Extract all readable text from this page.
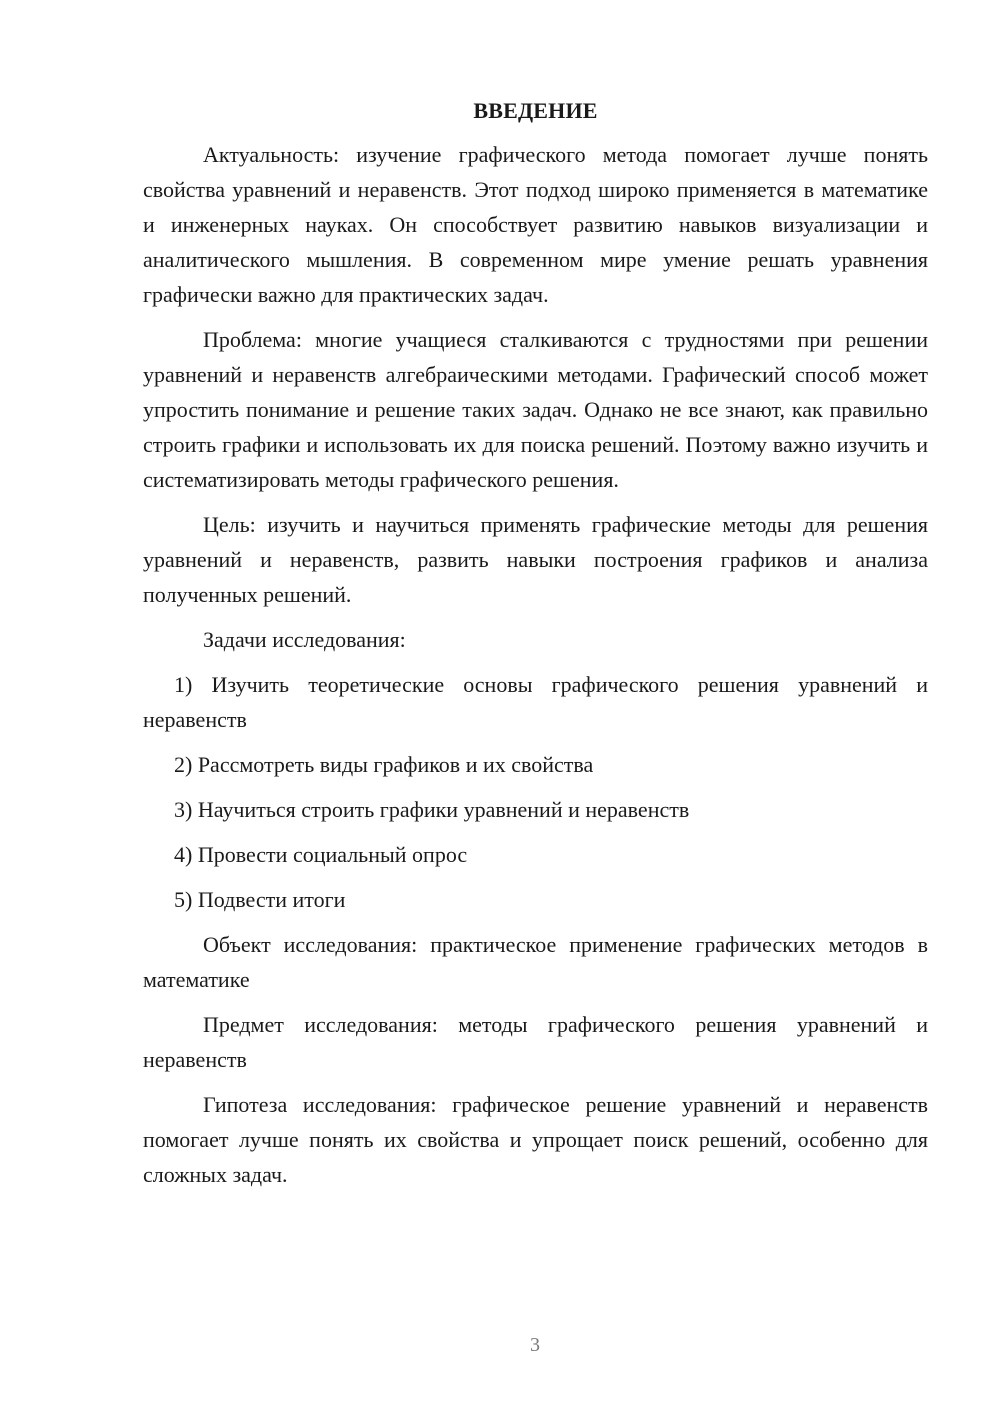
ВВЕДЕНИЕ

Актуальность: изучение графического метода помогает лучше понять свойства уравнений и неравенств. Этот подход широко применяется в математике и инженерных науках. Он способствует развитию навыков визуализации и аналитического мышления. В современном мире умение решать уравнения графически важно для практических задач.

Проблема: многие учащиеся сталкиваются с трудностями при решении уравнений и неравенств алгебраическими методами. Графический способ может упростить понимание и решение таких задач. Однако не все знают, как правильно строить графики и использовать их для поиска решений. Поэтому важно изучить и систематизировать методы графического решения.

Цель: изучить и научиться применять графические методы для решения уравнений и неравенств, развить навыки построения графиков и анализа полученных решений.

Задачи исследования:

1) Изучить теоретические основы графического решения уравнений и неравенств

2) Рассмотреть виды графиков и их свойства

3) Научиться строить графики уравнений и неравенств

4) Провести социальный опрос

5) Подвести итоги

Объект исследования: практическое применение графических методов в математике

Предмет исследования: методы графического решения уравнений и неравенств

Гипотеза исследования: графическое решение уравнений и неравенств помогает лучше понять их свойства и упрощает поиск решений, особенно для сложных задач.

3
